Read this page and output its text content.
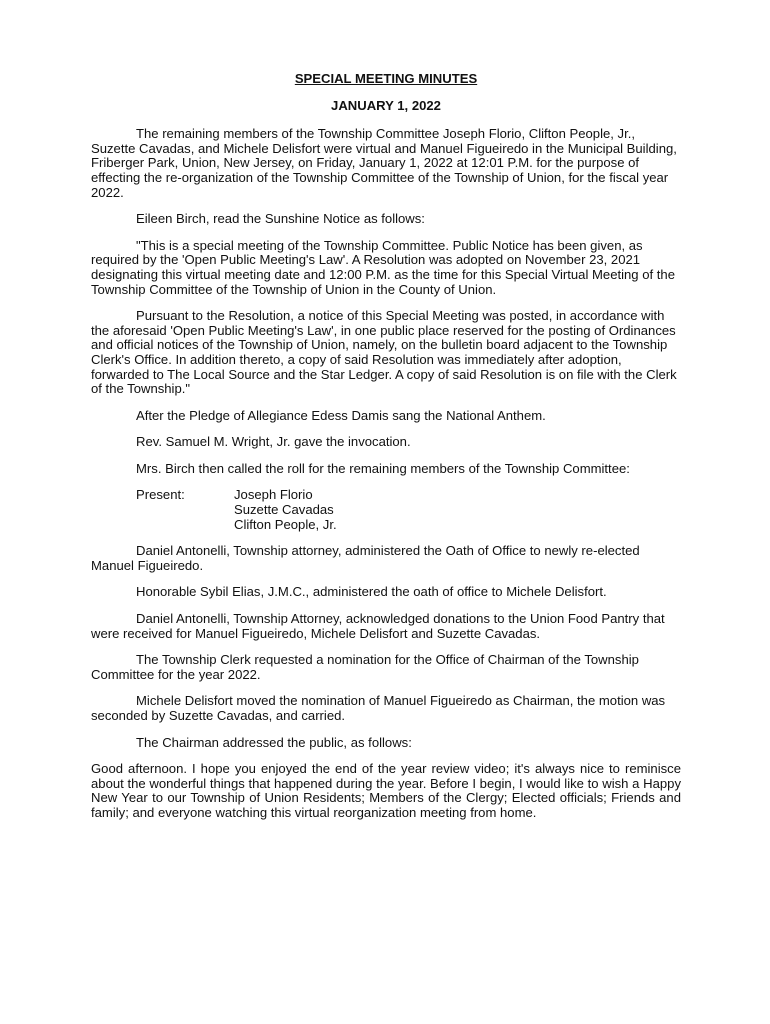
SPECIAL MEETING MINUTES
JANUARY 1, 2022

The remaining members of the Township Committee Joseph Florio, Clifton People, Jr., Suzette Cavadas, and Michele Delisfort were virtual and Manuel Figueiredo in the Municipal Building, Friberger Park, Union, New Jersey, on Friday, January 1, 2022 at 12:01 P.M. for the purpose of effecting the re-organization of the Township Committee of the Township of Union, for the fiscal year 2022.

Eileen Birch, read the Sunshine Notice as follows:

"This is a special meeting of the Township Committee. Public Notice has been given, as required by the 'Open Public Meeting's Law'. A Resolution was adopted on November 23, 2021 designating this virtual meeting date and 12:00 P.M. as the time for this Special Virtual Meeting of the Township Committee of the Township of Union in the County of Union.

Pursuant to the Resolution, a notice of this Special Meeting was posted, in accordance with the aforesaid 'Open Public Meeting's Law', in one public place reserved for the posting of Ordinances and official notices of the Township of Union, namely, on the bulletin board adjacent to the Township Clerk's Office. In addition thereto, a copy of said Resolution was immediately after adoption, forwarded to The Local Source and the Star Ledger. A copy of said Resolution is on file with the Clerk of the Township."

After the Pledge of Allegiance Edess Damis sang the National Anthem.

Rev. Samuel M. Wright, Jr. gave the invocation.

Mrs. Birch then called the roll for the remaining members of the Township Committee:

Present:	Joseph Florio
Suzette Cavadas
Clifton People, Jr.

Daniel Antonelli, Township attorney, administered the Oath of Office to newly re-elected Manuel Figueiredo.

Honorable Sybil Elias, J.M.C., administered the oath of office to Michele Delisfort.

Daniel Antonelli, Township Attorney, acknowledged donations to the Union Food Pantry that were received for Manuel Figueiredo, Michele Delisfort and Suzette Cavadas.

The Township Clerk requested a nomination for the Office of Chairman of the Township Committee for the year 2022.

Michele Delisfort moved the nomination of Manuel Figueiredo as Chairman, the motion was seconded by Suzette Cavadas, and carried.

The Chairman addressed the public, as follows:

Good afternoon. I hope you enjoyed the end of the year review video; it's always nice to reminisce about the wonderful things that happened during the year. Before I begin, I would like to wish a Happy New Year to our Township of Union Residents; Members of the Clergy; Elected officials; Friends and family; and everyone watching this virtual reorganization meeting from home.
